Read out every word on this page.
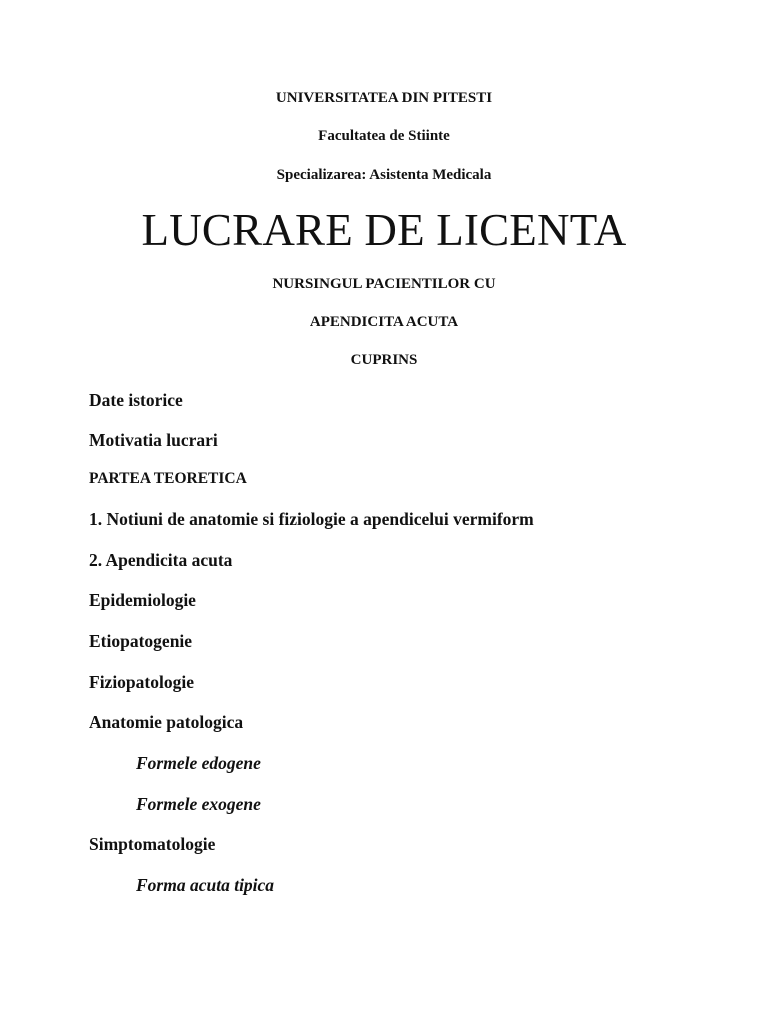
UNIVERSITATEA DIN PITESTI
Facultatea de Stiinte
Specializarea: Asistenta Medicala
LUCRARE DE LICENTA
NURSINGUL PACIENTILOR CU
APENDICITA ACUTA
CUPRINS
Date istorice
Motivatia lucrari
PARTEA TEORETICA
1. Notiuni de anatomie si fiziologie a apendicelui vermiform
2. Apendicita acuta
Epidemiologie
Etiopatogenie
Fiziopatologie
Anatomie patologica
Formele edogene
Formele exogene
Simptomatologie
Forma acuta tipica
